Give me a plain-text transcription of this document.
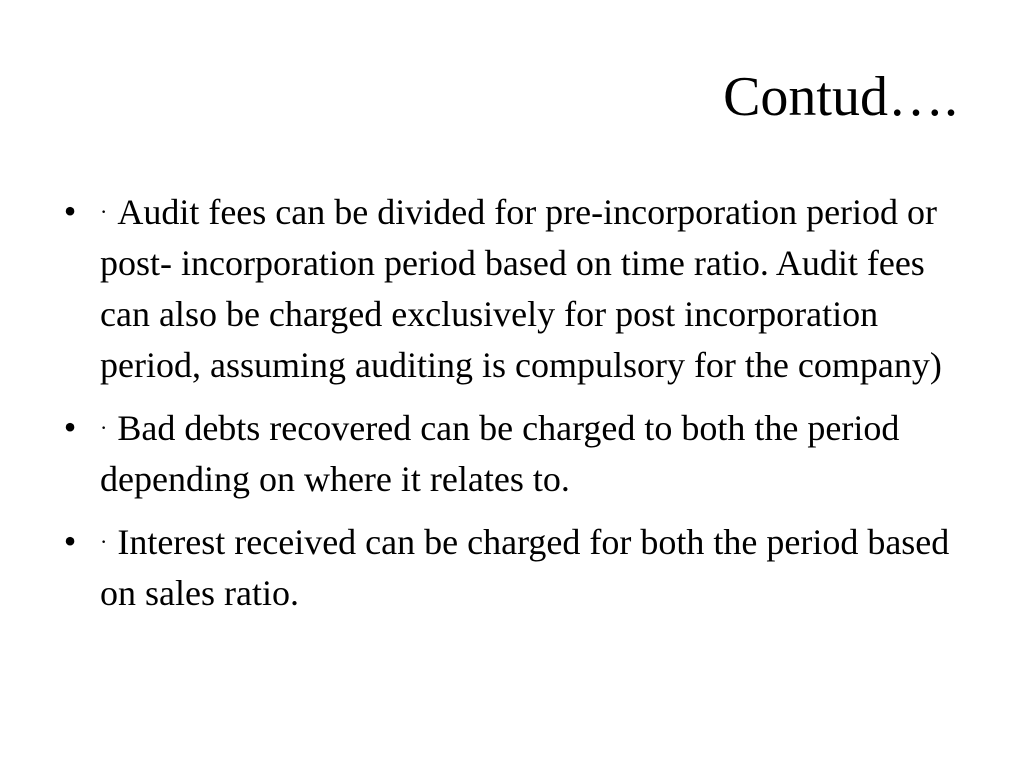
Contud….
• · Audit fees can be divided for pre-incorporation period or post- incorporation period based on time ratio. Audit fees can also be charged exclusively for post incorporation period, assuming auditing is compulsory for the company)
• · Bad debts recovered can be charged to both the period depending on where it relates to.
• · Interest received can be charged for both the period based on sales ratio.
